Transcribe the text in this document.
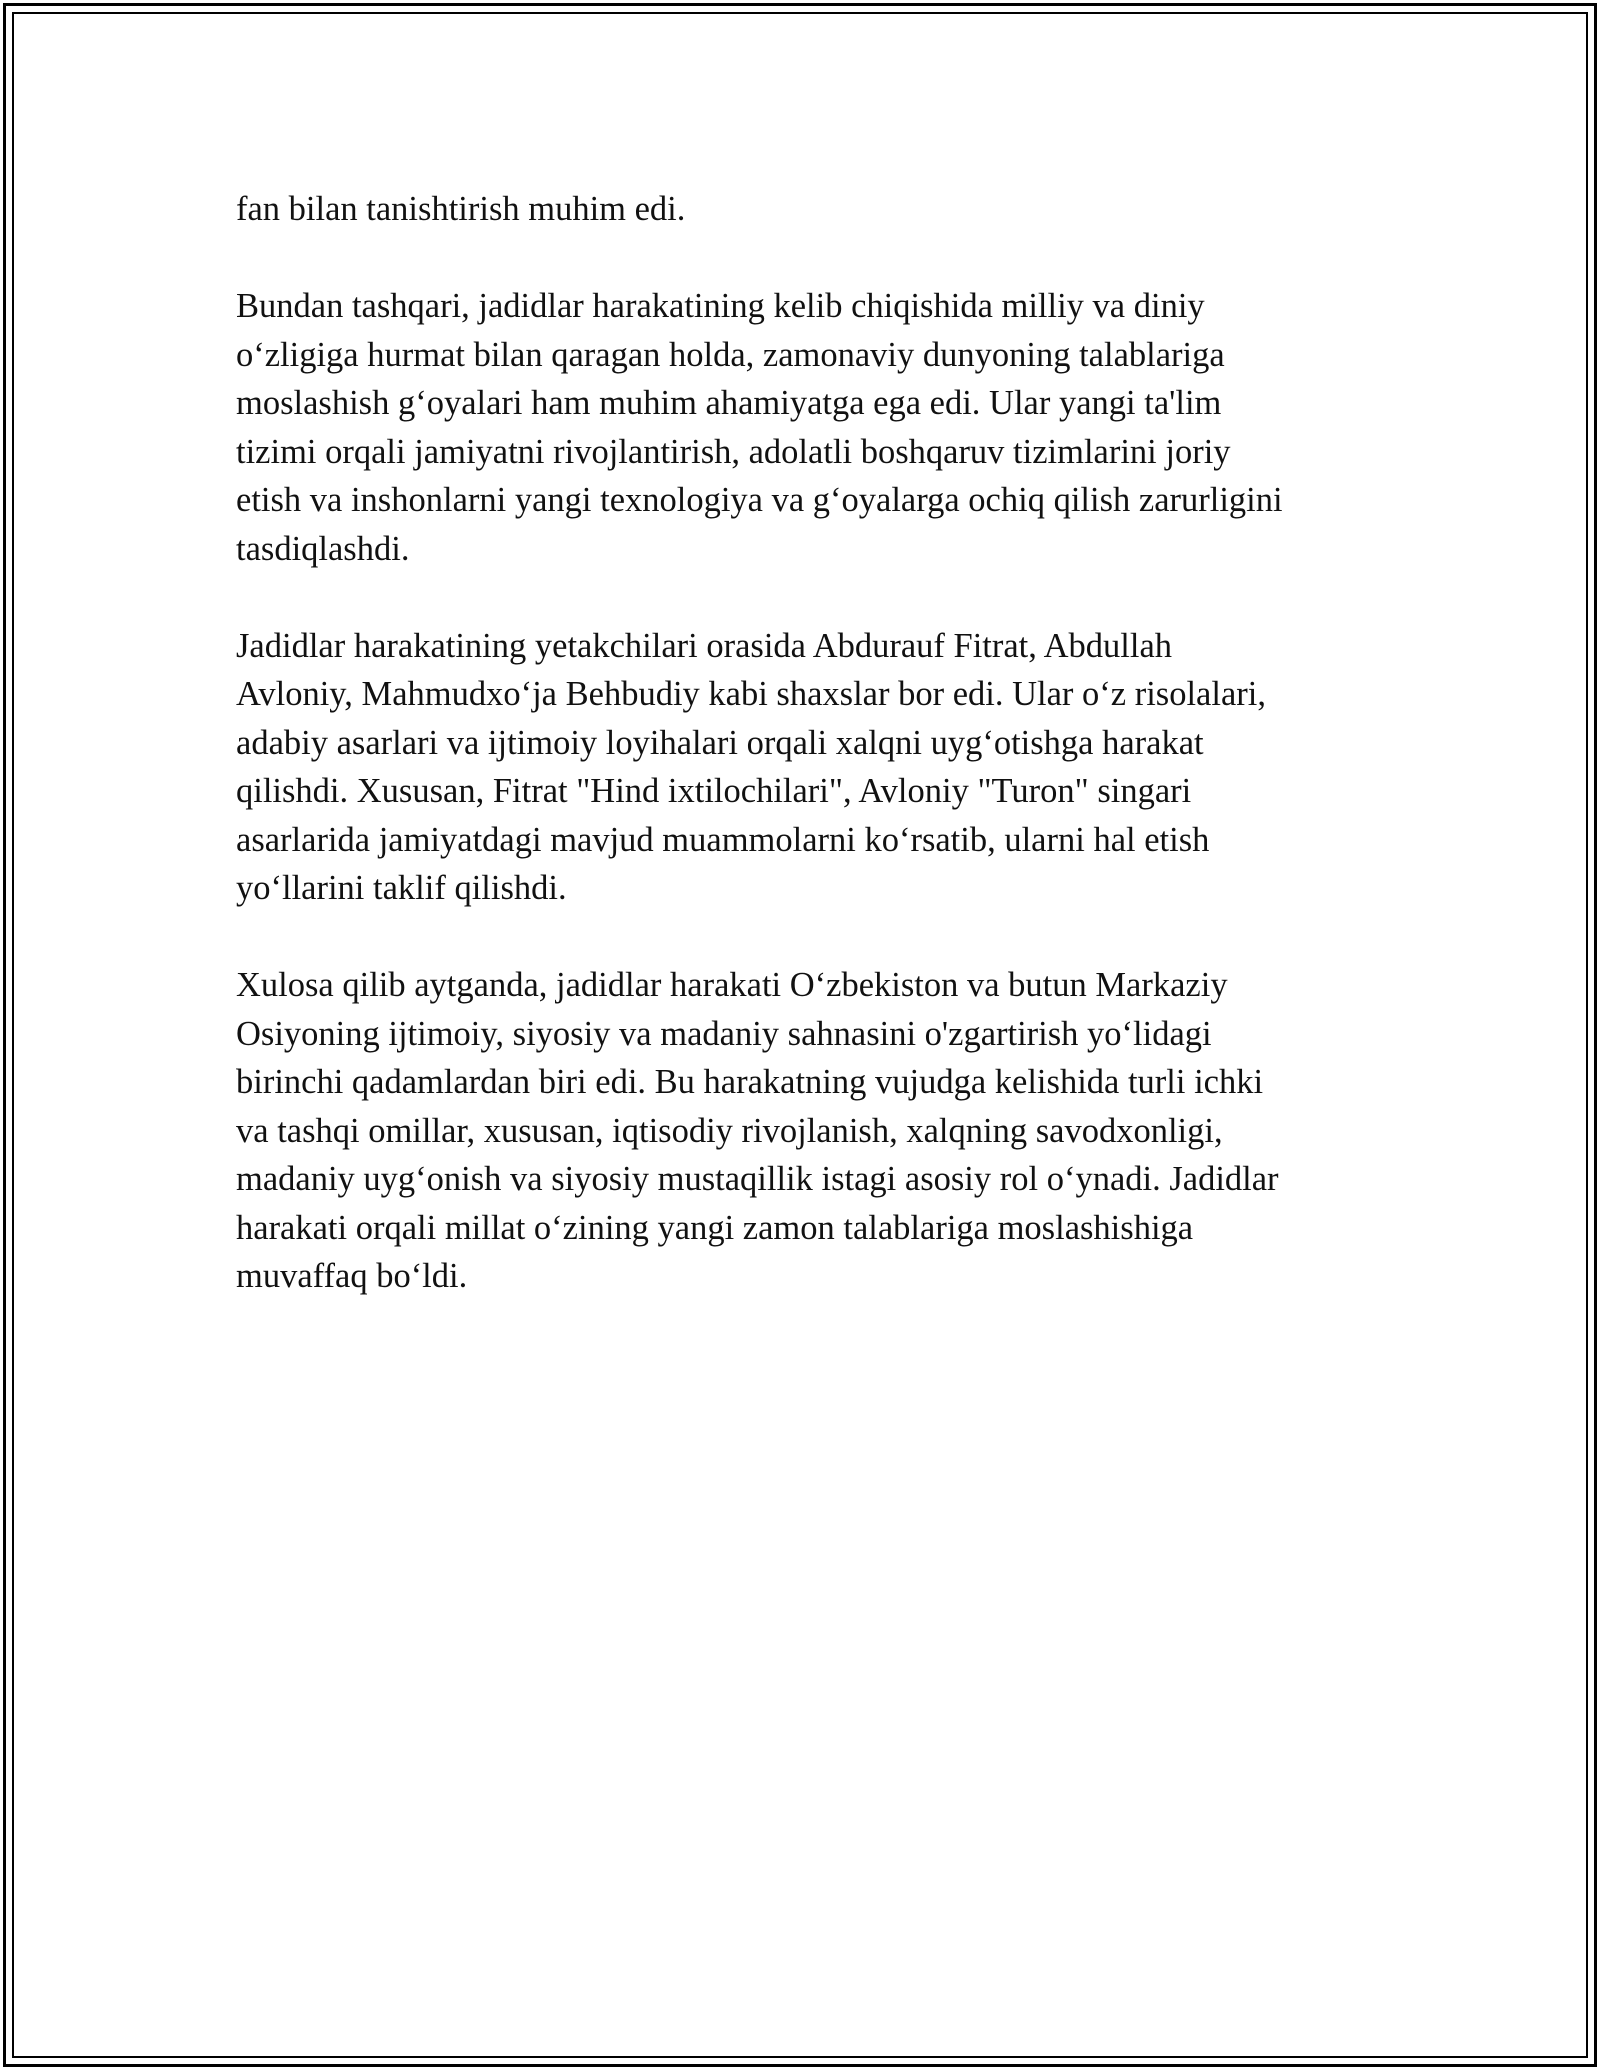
fan bilan tanishtirish muhim edi.

Bundan tashqari, jadidlar harakatining kelib chiqishida milliy va diniy
o‘zligiga hurmat bilan qaragan holda, zamonaviy dunyoning talablariga
moslashish g‘oyalari ham muhim ahamiyatga ega edi. Ular yangi ta'lim
tizimi orqali jamiyatni rivojlantirish, adolatli boshqaruv tizimlarini joriy
etish va inshonlarni yangi texnologiya va g‘oyalarga ochiq qilish zarurligini
tasdiqlashdi.

Jadidlar harakatining yetakchilari orasida Abdurauf Fitrat, Abdullah
Avloniy, Mahmudxo‘ja Behbudiy kabi shaxslar bor edi. Ular o‘z risolalari,
adabiy asarlari va ijtimoiy loyihalari orqali xalqni uyg‘otishga harakat
qilishdi. Xususan, Fitrat "Hind ixtilochilari", Avloniy "Turon" singari
asarlarida jamiyatdagi mavjud muammolarni ko‘rsatib, ularni hal etish
yo‘llarini taklif qilishdi.

Xulosa qilib aytganda, jadidlar harakati O‘zbekiston va butun Markaziy
Osiyoning ijtimoiy, siyosiy va madaniy sahnasini o'zgartirish yo‘lidagi
birinchi qadamlardan biri edi. Bu harakatning vujudga kelishida turli ichki
va tashqi omillar, xususan, iqtisodiy rivojlanish, xalqning savodxonligi,
madaniy uyg‘onish va siyosiy mustaqillik istagi asosiy rol o‘ynadi. Jadidlar
harakati orqali millat o‘zining yangi zamon talablariga moslashishiga
muvaffaq bo‘ldi.
